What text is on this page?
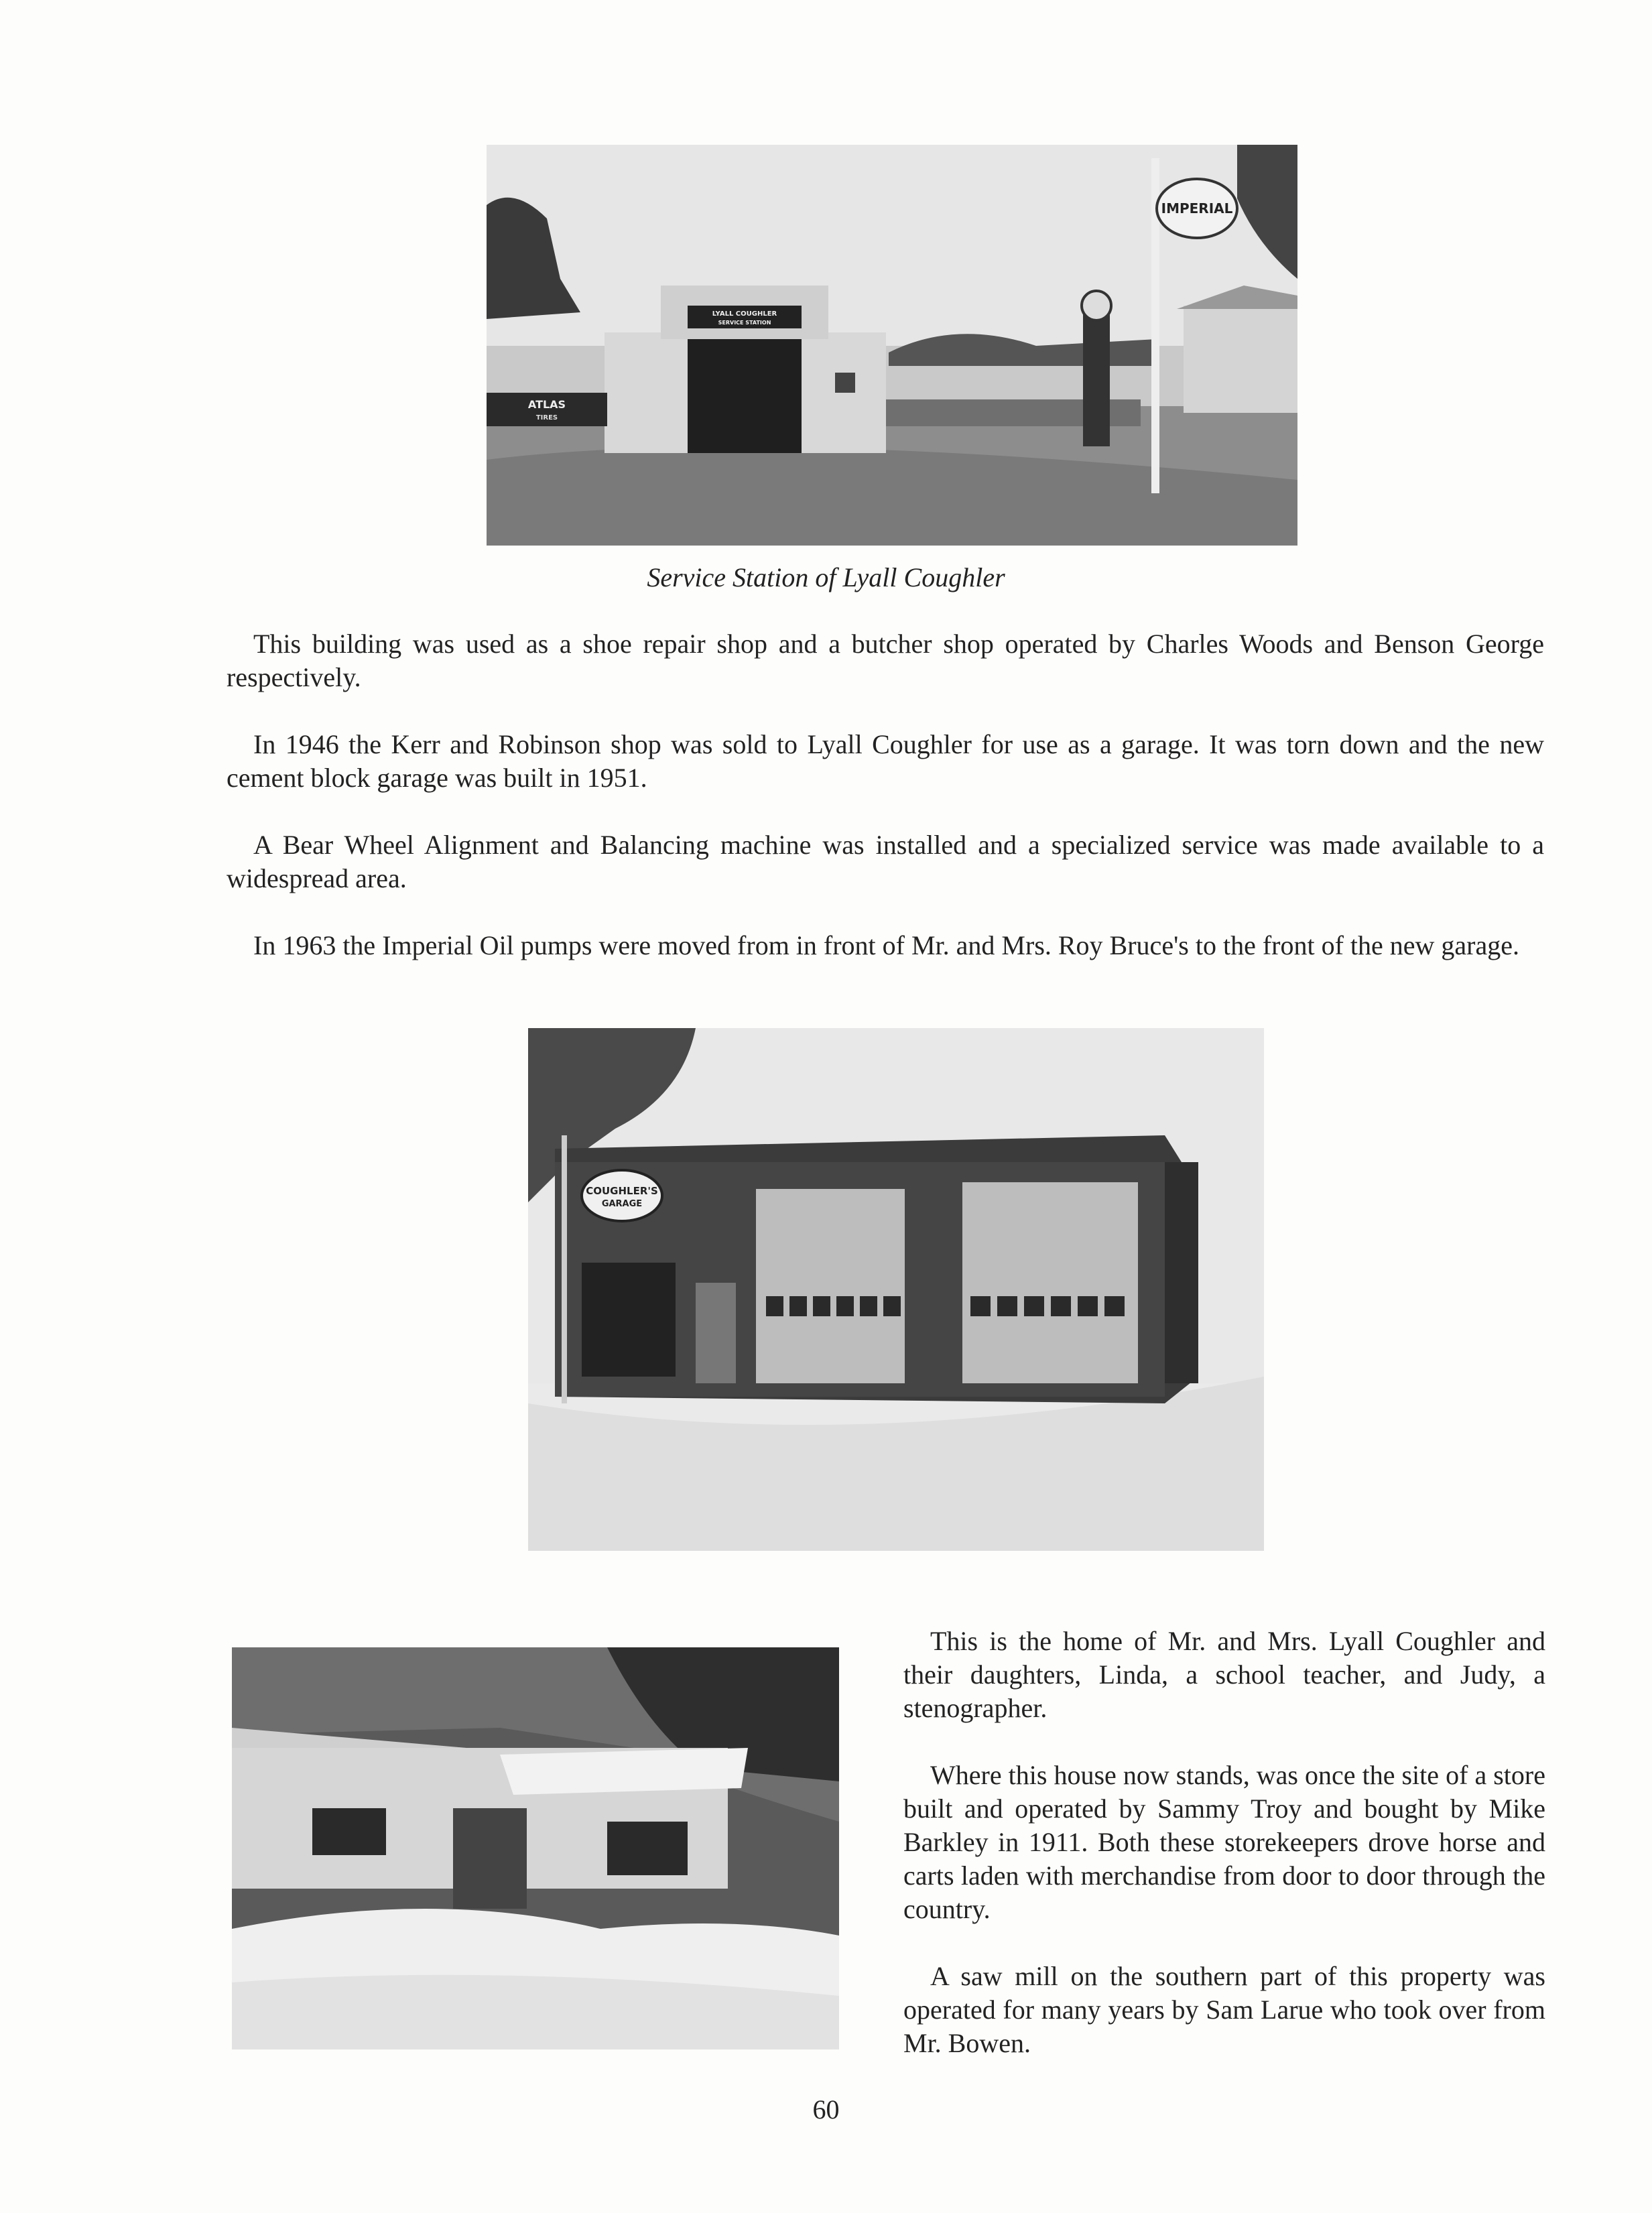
LYALL COUGHLER
SERVICE STATION
ATLAS
TIRES
IMPERIAL
Service Station of Lyall Coughler

This building was used as a shoe repair shop and a butcher shop operated by Charles Woods and Benson George respectively.

In 1946 the Kerr and Robinson shop was sold to Lyall Coughler for use as a garage. It was torn down and the new cement block garage was built in 1951.

A Bear Wheel Alignment and Balancing machine was installed and a specialized service was made available to a widespread area.

In 1963 the Imperial Oil pumps were moved from in front of Mr. and Mrs. Roy Bruce's to the front of the new garage.

COUGHLER'S
GARAGE

This is the home of Mr. and Mrs. Lyall Coughler and their daughters, Linda, a school teacher, and Judy, a stenographer.

Where this house now stands, was once the site of a store built and operated by Sammy Troy and bought by Mike Barkley in 1911. Both these storekeepers drove horse and carts laden with merchandise from door to door through the country.

A saw mill on the southern part of this property was operated for many years by Sam Larue who took over from Mr. Bowen.

60
